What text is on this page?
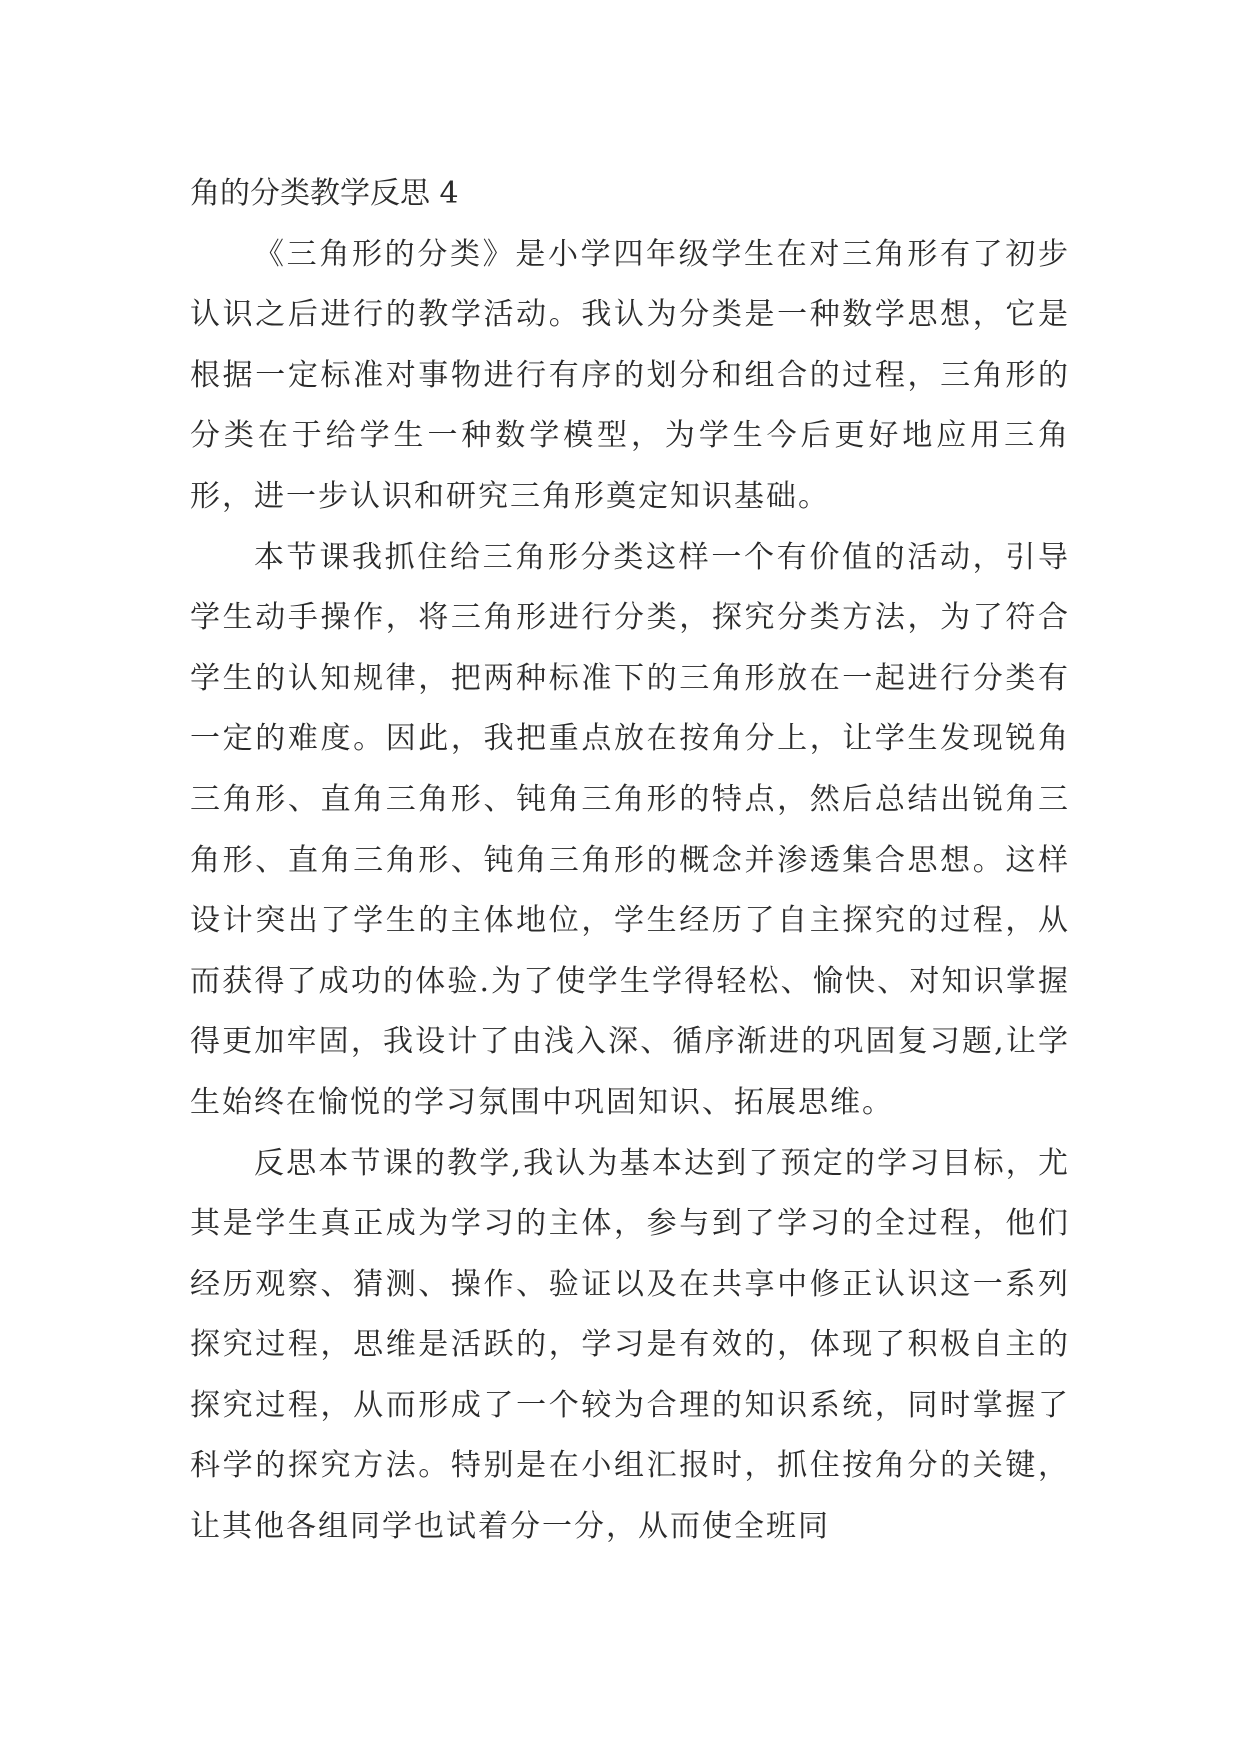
角的分类教学反思 4

《三角形的分类》是小学四年级学生在对三角形有了初步认识之后进行的教学活动。我认为分类是一种数学思想，它是根据一定标准对事物进行有序的划分和组合的过程，三角形的分类在于给学生一种数学模型，为学生今后更好地应用三角形，进一步认识和研究三角形奠定知识基础。

本节课我抓住给三角形分类这样一个有价值的活动，引导学生动手操作，将三角形进行分类，探究分类方法，为了符合学生的认知规律，把两种标准下的三角形放在一起进行分类有一定的难度。因此，我把重点放在按角分上，让学生发现锐角三角形、直角三角形、钝角三角形的特点，然后总结出锐角三角形、直角三角形、钝角三角形的概念并渗透集合思想。这样设计突出了学生的主体地位，学生经历了自主探究的过程，从而获得了成功的体验.为了使学生学得轻松、愉快、对知识掌握得更加牢固，我设计了由浅入深、循序渐进的巩固复习题,让学生始终在愉悦的学习氛围中巩固知识、拓展思维。

反思本节课的教学,我认为基本达到了预定的学习目标，尤其是学生真正成为学习的主体，参与到了学习的全过程，他们经历观察、猜测、操作、验证以及在共享中修正认识这一系列探究过程，思维是活跃的，学习是有效的，体现了积极自主的探究过程，从而形成了一个较为合理的知识系统，同时掌握了科学的探究方法。特别是在小组汇报时，抓住按角分的关键，让其他各组同学也试着分一分，从而使全班同
